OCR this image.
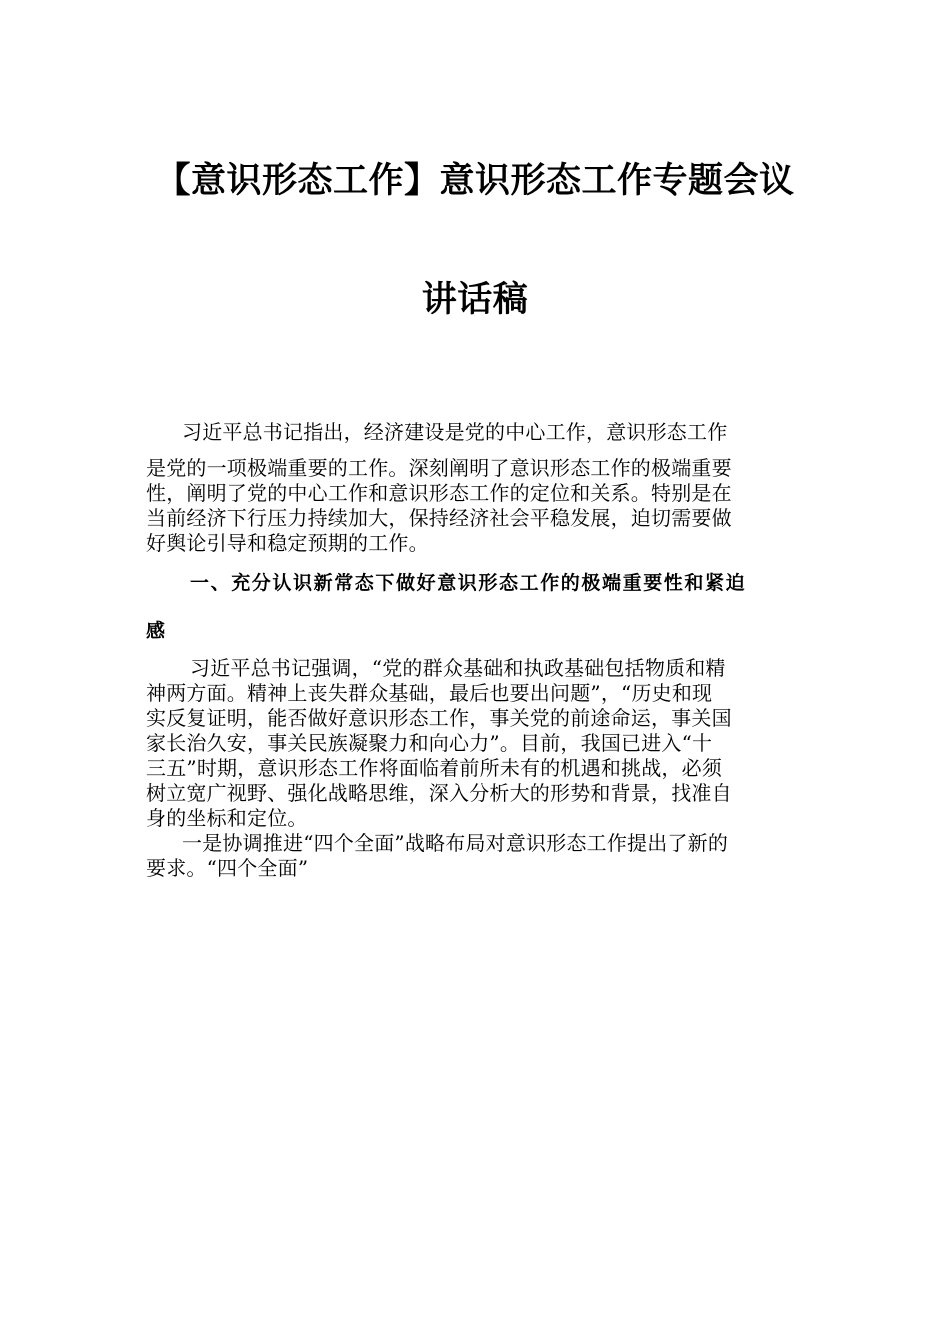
【意识形态工作】意识形态工作专题会议
讲话稿
习近平总书记指出，经济建设是党的中心工作，意识形态工作
是党的一项极端重要的工作。深刻阐明了意识形态工作的极端重要
性，阐明了党的中心工作和意识形态工作的定位和关系。特别是在
当前经济下行压力持续加大，保持经济社会平稳发展，迫切需要做
好舆论引导和稳定预期的工作。
一、充分认识新常态下做好意识形态工作的极端重要性和紧迫
感
习近平总书记强调，“党的群众基础和执政基础包括物质和精
神两方面。精神上丧失群众基础，最后也要出问题”，“历史和现
实反复证明，能否做好意识形态工作，事关党的前途命运，事关国
家长治久安，事关民族凝聚力和向心力”。目前，我国已进入“十
三五”时期，意识形态工作将面临着前所未有的机遇和挑战，必须
树立宽广视野、强化战略思维，深入分析大的形势和背景，找准自
身的坐标和定位。
一是协调推进“四个全面”战略布局对意识形态工作提出了新的
要求。“四个全面”
